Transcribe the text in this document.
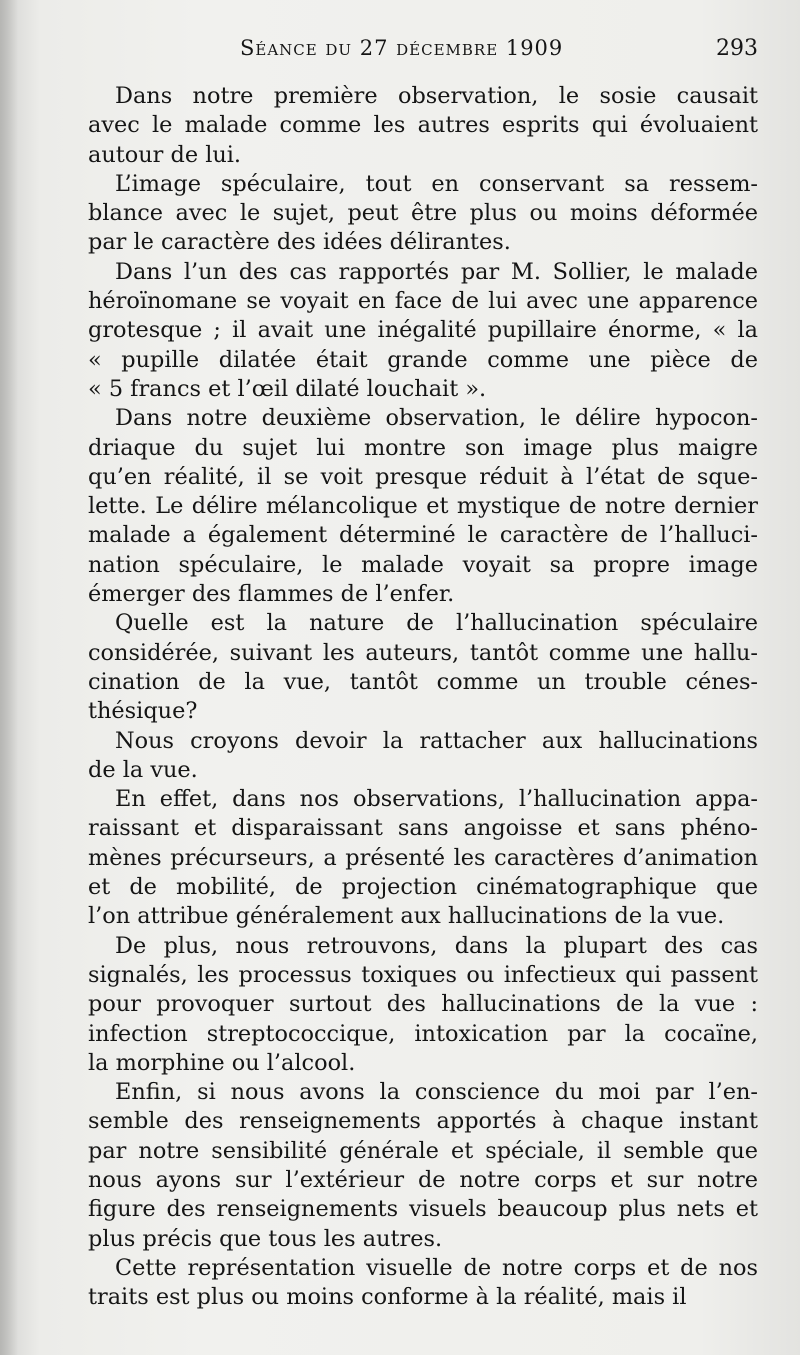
Séance du 27 décembre 1909	293

Dans notre première observation, le sosie causait
avec le malade comme les autres esprits qui évoluaient
autour de lui.

L’image spéculaire, tout en conservant sa ressem-
blance avec le sujet, peut être plus ou moins déformée
par le caractère des idées délirantes.

Dans l’un des cas rapportés par M. Sollier, le malade
héroïnomane se voyait en face de lui avec une apparence
grotesque ; il avait une inégalité pupillaire énorme, « la
« pupille dilatée était grande comme une pièce de
« 5 francs et l’œil dilaté louchait ».

Dans notre deuxième observation, le délire hypocon-
driaque du sujet lui montre son image plus maigre
qu’en réalité, il se voit presque réduit à l’état de sque-
lette. Le délire mélancolique et mystique de notre dernier
malade a également déterminé le caractère de l’halluci-
nation spéculaire, le malade voyait sa propre image
émerger des flammes de l’enfer.

Quelle est la nature de l’hallucination spéculaire
considérée, suivant les auteurs, tantôt comme une hallu-
cination de la vue, tantôt comme un trouble cénes-
thésique?

Nous croyons devoir la rattacher aux hallucinations
de la vue.

En effet, dans nos observations, l’hallucination appa-
raissant et disparaissant sans angoisse et sans phéno-
mènes précurseurs, a présenté les caractères d’animation
et de mobilité, de projection cinématographique que
l’on attribue généralement aux hallucinations de la vue.

De plus, nous retrouvons, dans la plupart des cas
signalés, les processus toxiques ou infectieux qui passent
pour provoquer surtout des hallucinations de la vue :
infection streptococcique, intoxication par la cocaïne,
la morphine ou l’alcool.

Enfin, si nous avons la conscience du moi par l’en-
semble des renseignements apportés à chaque instant
par notre sensibilité générale et spéciale, il semble que
nous ayons sur l’extérieur de notre corps et sur notre
figure des renseignements visuels beaucoup plus nets et
plus précis que tous les autres.

Cette représentation visuelle de notre corps et de nos
traits est plus ou moins conforme à la réalité, mais il
